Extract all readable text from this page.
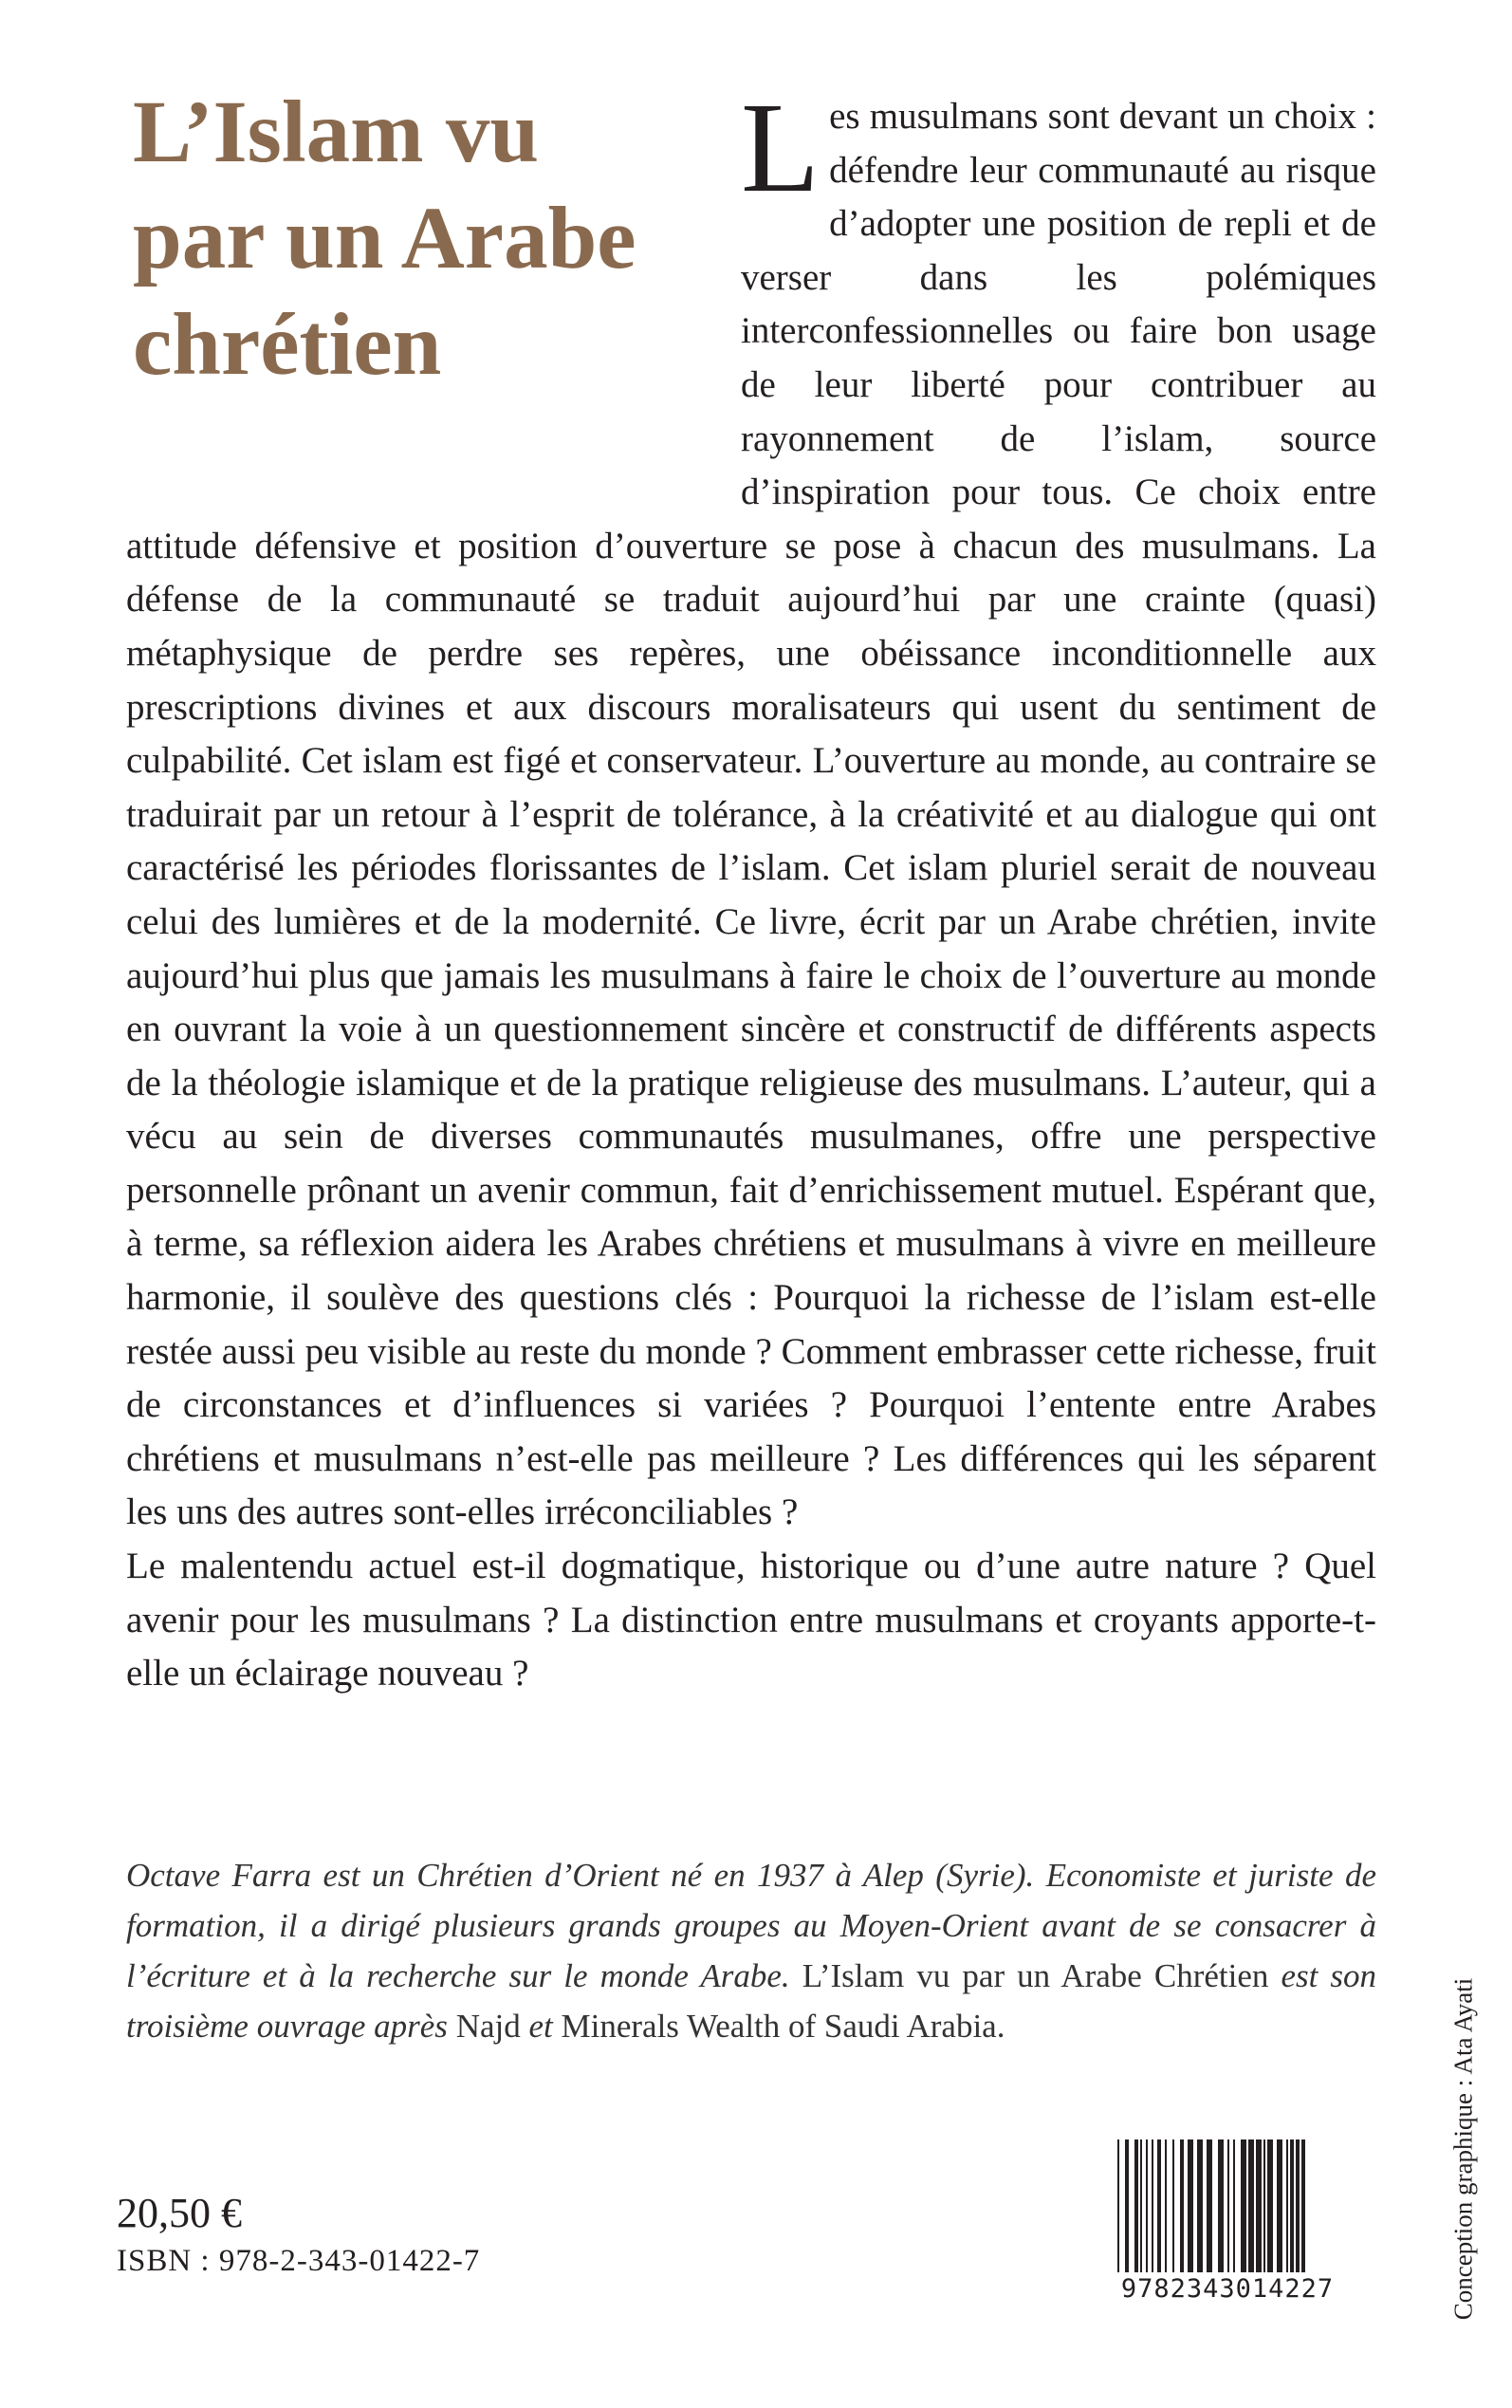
L’Islam vu
par un Arabe
chrétien

Les musulmans sont devant un choix : défendre leur communauté au risque d’adopter une position de repli et de verser dans les polémiques interconfessionnelles ou faire bon usage de leur liberté pour contribuer au rayonnement de l’islam, source d’inspiration pour tous. Ce choix entre attitude défensive et position d’ouverture se pose à chacun des musulmans. La défense de la communauté se traduit aujourd’hui par une crainte (quasi) métaphysique de perdre ses repères, une obéissance inconditionnelle aux prescriptions divines et aux discours moralisateurs qui usent du sentiment de culpabilité. Cet islam est figé et conservateur. L’ouverture au monde, au contraire se traduirait par un retour à l’esprit de tolérance, à la créativité et au dialogue qui ont caractérisé les périodes florissantes de l’islam. Cet islam pluriel serait de nouveau celui des lumières et de la modernité. Ce livre, écrit par un Arabe chrétien, invite aujourd’hui plus que jamais les musulmans à faire le choix de l’ouverture au monde en ouvrant la voie à un questionnement sincère et constructif de différents aspects de la théologie islamique et de la pratique religieuse des musulmans. L’auteur, qui a vécu au sein de diverses communautés musulmanes, offre une perspective personnelle prônant un avenir commun, fait d’enrichissement mutuel. Espérant que, à terme, sa réflexion aidera les Arabes chrétiens et musulmans à vivre en meilleure harmonie, il soulève des questions clés : Pourquoi la richesse de l’islam est-elle restée aussi peu visible au reste du monde ? Comment embrasser cette richesse, fruit de circonstances et d’influences si variées ? Pourquoi l’entente entre Arabes chrétiens et musulmans n’est-elle pas meilleure ? Les différences qui les séparent les uns des autres sont-elles irréconciliables ?

Le malentendu actuel est-il dogmatique, historique ou d’une autre nature ? Quel avenir pour les musulmans ? La distinction entre musulmans et croyants apporte-t-elle un éclairage nouveau ?

Octave Farra est un Chrétien d’Orient né en 1937 à Alep (Syrie). Economiste et juriste de formation, il a dirigé plusieurs grands groupes au Moyen-Orient avant de se consacrer à l’écriture et à la recherche sur le monde Arabe. L’Islam vu par un Arabe Chrétien est son troisième ouvrage après Najd et Minerals Wealth of Saudi Arabia.	Conception graphique : Ata Ayati
20,50 €
ISBN : 978-2-343-01422-7
9782343014227
